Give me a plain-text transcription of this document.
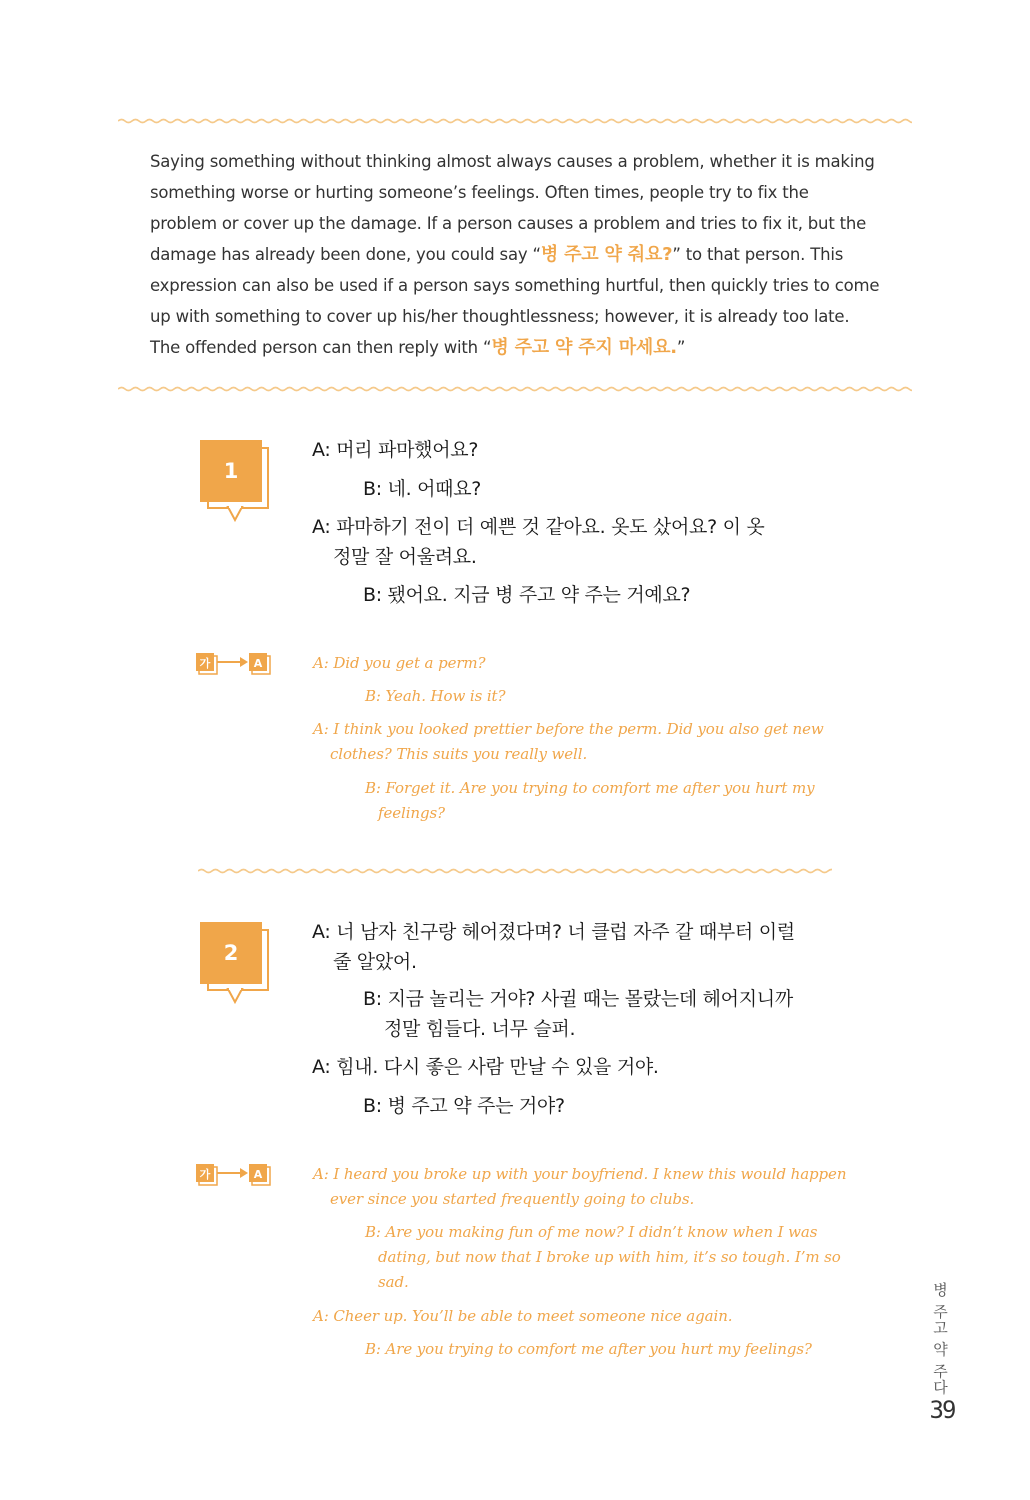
Saying something without thinking almost always causes a problem, whether it is making something worse or hurting someone’s feelings. Often times, people try to fix the problem or cover up the damage. If a person causes a problem and tries to fix it, but the damage has already been done, you could say “병 주고 약 줘요?” to that person. This expression can also be used if a person says something hurtful, then quickly tries to come up with something to cover up his/her thoughtlessness; however, it is already too late. The offended person can then reply with “병 주고 약 주지 마세요.”
1
A: 머리 파마했어요?
B: 네. 어때요?
A: 파마하기 전이 더 예쁜 것 같아요. 옷도 샀어요? 이 옷
정말 잘 어울려요.
B: 됐어요. 지금 병 주고 약 주는 거예요?
가	A	A: Did you get a perm?
B: Yeah. How is it?
A: I think you looked prettier before the perm. Did you also get new
clothes? This suits you really well.
B: Forget it. Are you trying to comfort me after you hurt my
feelings?
2
A: 너 남자 친구랑 헤어졌다며? 너 클럽 자주 갈 때부터 이럴
줄 알았어.
B: 지금 놀리는 거야? 사귈 때는 몰랐는데 헤어지니까
정말 힘들다. 너무 슬퍼.
A: 힘내. 다시 좋은 사람 만날 수 있을 거야.
B: 병 주고 약 주는 거야?
가	A	A: I heard you broke up with your boyfriend. I knew this would happen
ever since you started frequently going to clubs.
B: Are you making fun of me now? I didn’t know when I was
dating, but now that I broke up with him, it’s so tough. I’m so
sad.
A: Cheer up. You’ll be able to meet someone nice again.
B: Are you trying to comfort me after you hurt my feelings?	병 주고 약 주다
39
